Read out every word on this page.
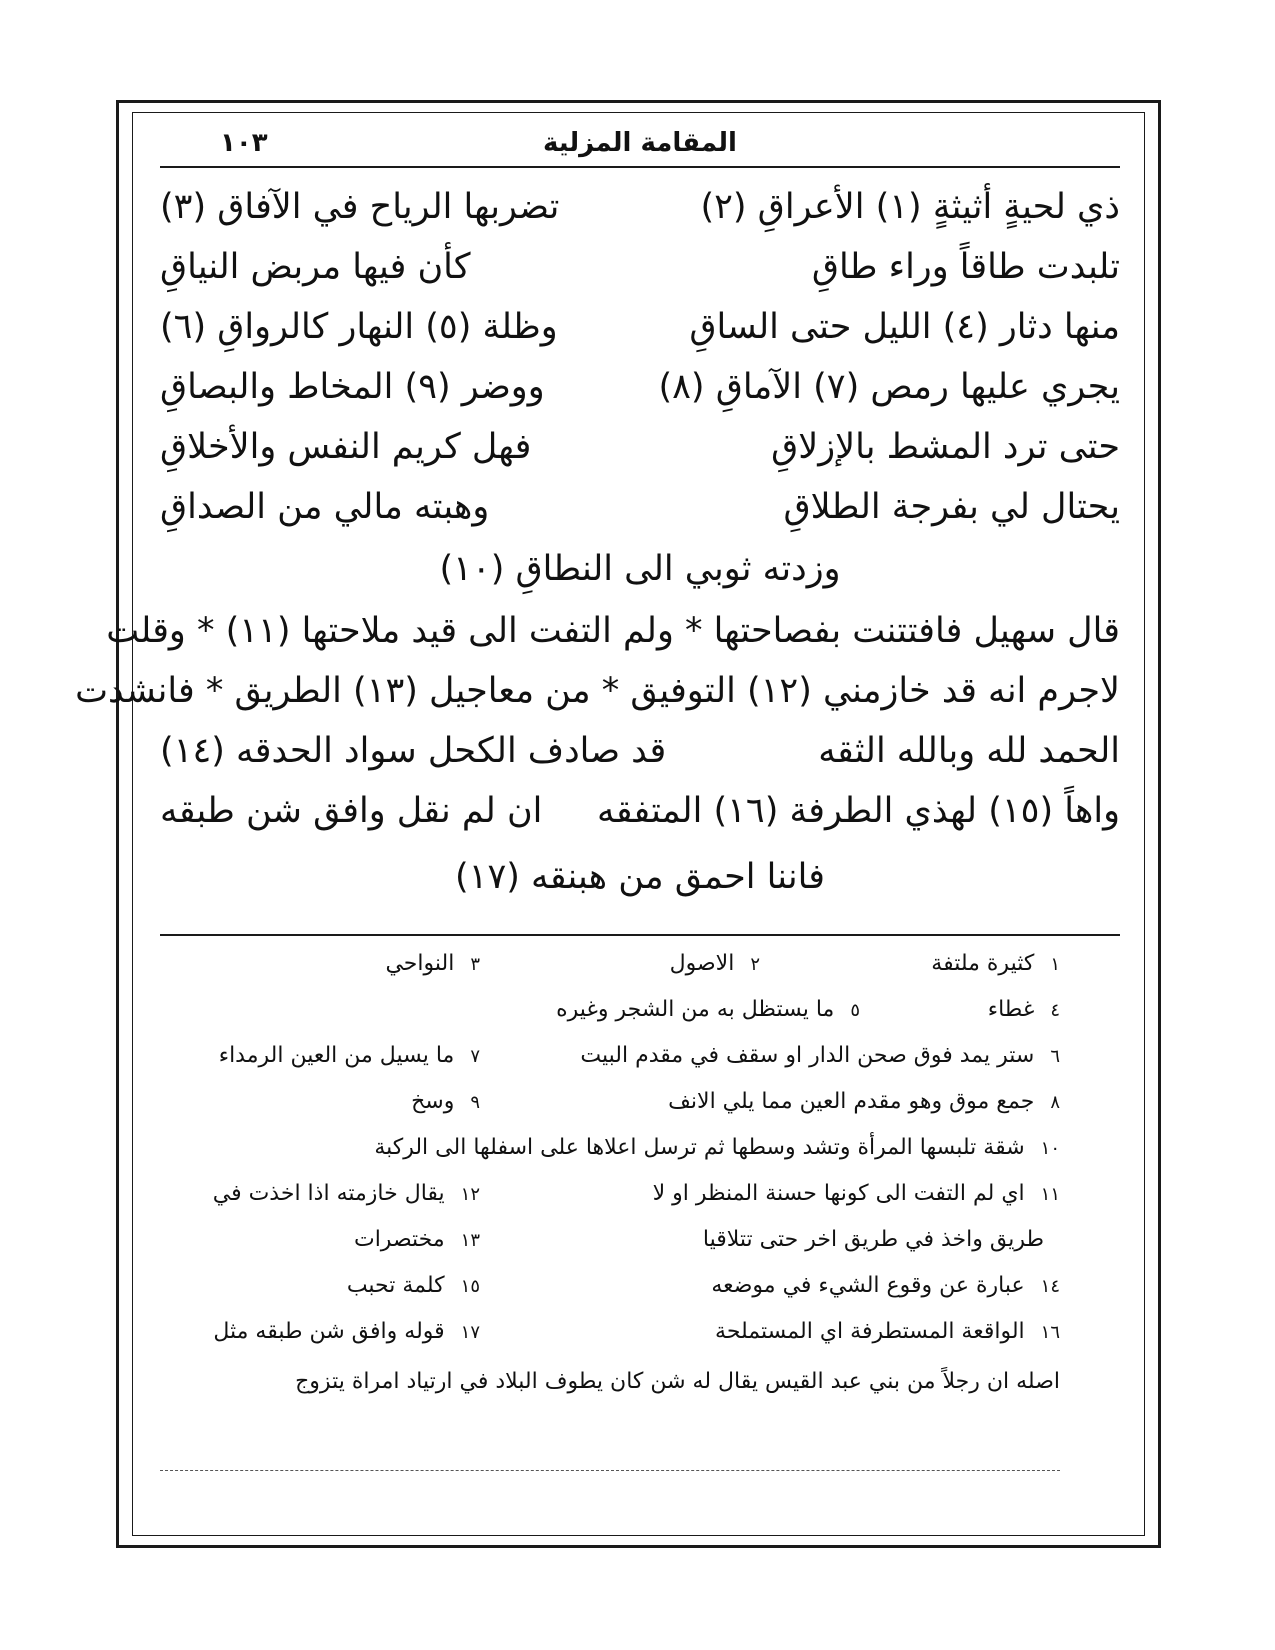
١٠٣	المقامة المزلية
ذي لحيةٍ أثيثةٍ (١) الأعراقِ (٢)
تضربها الرياح في الآفاق (٣)
تلبدت طاقاً وراء طاقِ
كأن فيها مربض النياقِ
منها دثار (٤) الليل حتى الساقِ
وظلة (٥) النهار كالرواقِ (٦)
يجري عليها رمص (٧) الآماقِ (٨)
ووضر (٩) المخاط والبصاقِ
حتى ترد المشط بالإزلاقِ
فهل كريم النفس والأخلاقِ
يحتال لي بفرجة الطلاقِ
وهبته مالي من الصداقِ
وزدته ثوبي الى النطاقِ (١٠)
قال سهيل فافتتنت بفصاحتها * ولم التفت الى قيد ملاحتها (١١) * وقلت
لاجرم انه قد خازمني (١٢) التوفيق * من معاجيل (١٣) الطريق * فانشدت
الحمد لله وبالله الثقه
قد صادف الكحل سواد الحدقه (١٤)
واهاً (١٥) لهذي الطرفة (١٦) المتفقه
ان لم نقل وافق شن طبقه
فاننا احمق من هبنقه (١٧)
١كثيرة ملتفة
٢الاصول
٣النواحي
٤غطاء
٥ما يستظل به من الشجر وغيره
٦ستر يمد فوق صحن الدار او سقف في مقدم البيت
٧ما يسيل من العين الرمداء
٨جمع موق وهو مقدم العين مما يلي الانف
٩وسخ
١٠شقة تلبسها المرأة وتشد وسطها ثم ترسل اعلاها على اسفلها الى الركبة
١١اي لم التفت الى كونها حسنة المنظر او لا
١٢يقال خازمته اذا اخذت في
طريق واخذ في طريق اخر حتى تتلاقيا
١٣مختصرات
١٤عبارة عن وقوع الشيء في موضعه
١٥كلمة تحبب
١٦الواقعة المستطرفة اي المستملحة
١٧قوله وافق شن طبقه مثل
اصله ان رجلاً من بني عبد القيس يقال له شن كان يطوف البلاد في ارتياد امراة يتزوج
